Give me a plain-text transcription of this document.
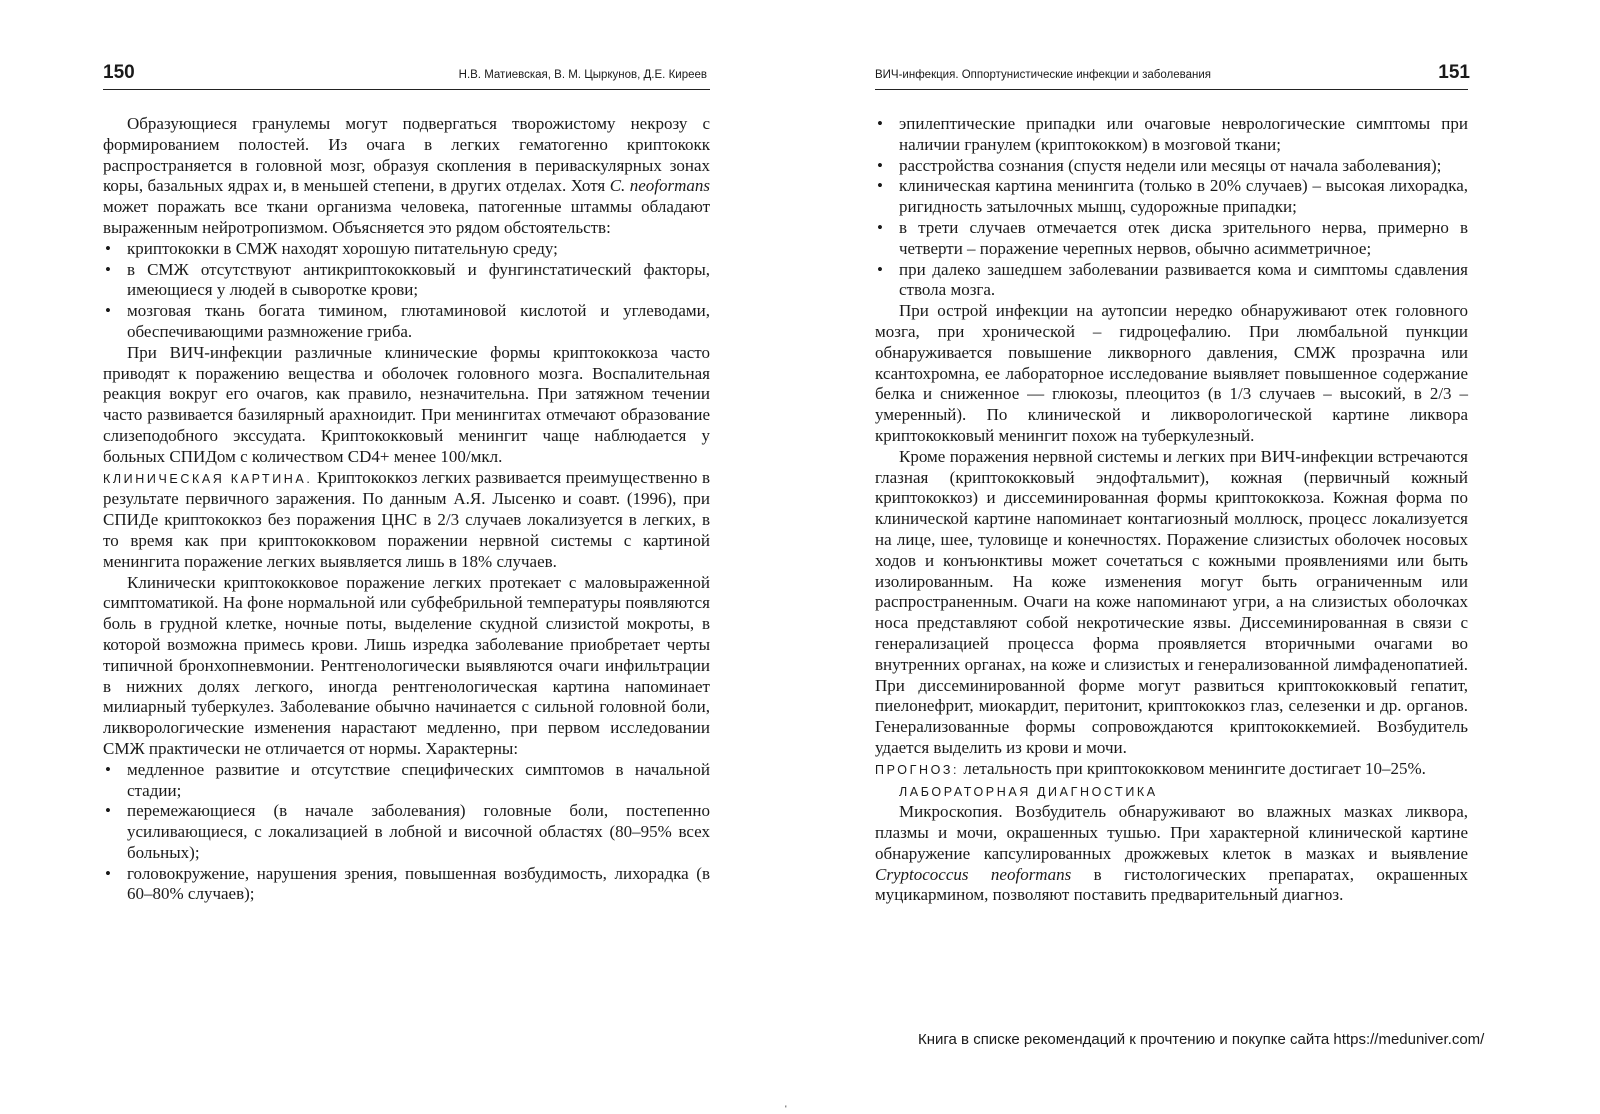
150	Н.В. Матиевская, В. М. Цыркунов, Д.Е. Киреев

Образующиеся гранулемы могут подвергаться творожистому некрозу с формированием полостей. Из очага в легких гематогенно криптококк распространяется в головной мозг, образуя скопления в периваскулярных зонах коры, базальных ядрах и, в меньшей степени, в других отделах. Хотя C. neoformans может поражать все ткани организма человека, патогенные штаммы обладают выраженным нейротропизмом. Объясняется это рядом обстоятельств:

• криптококки в СМЖ находят хорошую питательную среду;
• в СМЖ отсутствуют антикриптококковый и фунгинстатический факторы, имеющиеся у людей в сыворотке крови;
• мозговая ткань богата тимином, глютаминовой кислотой и углеводами, обеспечивающими размножение гриба.

При ВИЧ-инфекции различные клинические формы криптококкоза часто приводят к поражению вещества и оболочек головного мозга. Воспалительная реакция вокруг его очагов, как правило, незначительна. При затяжном течении часто развивается базилярный арахноидит. При менингитах отмечают образование слизеподобного экссудата. Криптококковый менингит чаще наблюдается у больных СПИДом с количеством CD4+ менее 100/мкл.

КЛИНИЧЕСКАЯ КАРТИНА. Криптококкоз легких развивается преимущественно в результате первичного заражения. По данным А.Я. Лысенко и соавт. (1996), при СПИДе криптококкоз без поражения ЦНС в 2/3 случаев локализуется в легких, в то время как при криптококковом поражении нервной системы с картиной менингита поражение легких выявляется лишь в 18% случаев.

Клинически криптококковое поражение легких протекает с маловыраженной симптоматикой. На фоне нормальной или субфебрильной температуры появляются боль в грудной клетке, ночные поты, выделение скудной слизистой мокроты, в которой возможна примесь крови. Лишь изредка заболевание приобретает черты типичной бронхопневмонии. Рентгенологически выявляются очаги инфильтрации в нижних долях легкого, иногда рентгенологическая картина напоминает милиарный туберкулез. Заболевание обычно начинается с сильной головной боли, ликворологические изменения нарастают медленно, при первом исследовании СМЖ практически не отличается от нормы. Характерны:

• медленное развитие и отсутствие специфических симптомов в начальной стадии;
• перемежающиеся (в начале заболевания) головные боли, постепенно усиливающиеся, с локализацией в лобной и височной областях (80–95% всех больных);
• головокружение, нарушения зрения, повышенная возбудимость, лихорадка (в 60–80% случаев);
ВИЧ-инфекция. Оппортунистические инфекции и заболевания	151
• эпилептические припадки или очаговые неврологические симптомы при наличии гранулем (криптококком) в мозговой ткани;
• расстройства сознания (спустя недели или месяцы от начала заболевания);
• клиническая картина менингита (только в 20% случаев) – высокая лихорадка, ригидность затылочных мышц, судорожные припадки;
• в трети случаев отмечается отек диска зрительного нерва, примерно в четверти – поражение черепных нервов, обычно асимметричное;
• при далеко зашедшем заболевании развивается кома и симптомы сдавления ствола мозга.

При острой инфекции на аутопсии нередко обнаруживают отек головного мозга, при хронической – гидроцефалию. При люмбальной пункции обнаруживается повышение ликворного давления, СМЖ прозрачна или ксантохромна, ее лабораторное исследование выявляет повышенное содержание белка и сниженное — глюкозы, плеоцитоз (в 1/3 случаев – высокий, в 2/3 – умеренный). По клинической и ликворологической картине ликвора криптококковый менингит похож на туберкулезный.

Кроме поражения нервной системы и легких при ВИЧ-инфекции встречаются глазная (криптококковый эндофтальмит), кожная (первичный кожный криптококкоз) и диссеминированная формы криптококкоза. Кожная форма по клинической картине напоминает контагиозный моллюск, процесс локализуется на лице, шее, туловище и конечностях. Поражение слизистых оболочек носовых ходов и конъюнктивы может сочетаться с кожными проявлениями или быть изолированным. На коже изменения могут быть ограниченным или распространенным. Очаги на коже напоминают угри, а на слизистых оболочках носа представляют собой некротические язвы. Диссеминированная в связи с генерализацией процесса форма проявляется вторичными очагами во внутренних органах, на коже и слизистых и генерализованной лимфаденопатией. При диссеминированной форме могут развиться криптококковый гепатит, пиелонефрит, миокардит, перитонит, криптококкоз глаз, селезенки и др. органов. Генерализованные формы сопровождаются криптококкемией. Возбудитель удается выделить из крови и мочи.

ПРОГНОЗ: летальность при криптококковом менингите достигает 10–25%.

ЛАБОРАТОРНАЯ ДИАГНОСТИКА

Микроскопия. Возбудитель обнаруживают во влажных мазках ликвора, плазмы и мочи, окрашенных тушью. При характерной клинической картине обнаружение капсулированных дрожжевых клеток в мазках и выявление Cryptococcus neoformans в гистологических препаратах, окрашенных муцикармином, позволяют поставить предварительный диагноз.

Книга в списке рекомендаций к прочтению и покупке сайта https://meduniver.com/
'
